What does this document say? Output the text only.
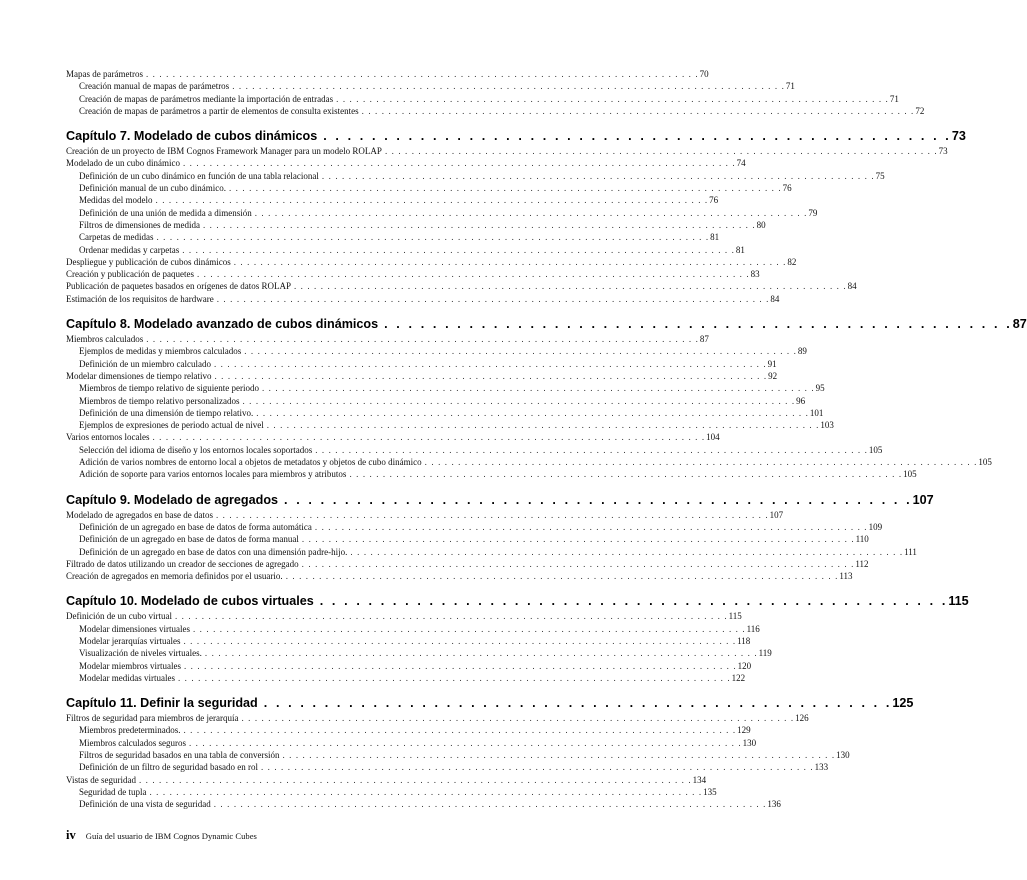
Mapas de parámetros . . .	70
Creación manual de mapas de parámetros . . .	71
Creación de mapas de parámetros mediante la importación de entradas . . .	71
Creación de mapas de parámetros a partir de elementos de consulta existentes . . .	72
Capítulo 7. Modelado de cubos dinámicos . . .	73
Creación de un proyecto de IBM Cognos Framework Manager para un modelo ROLAP . . .	73
Modelado de un cubo dinámico . . .	74
Definición de un cubo dinámico en función de una tabla relacional . . .	75
Definición manual de un cubo dinámico. . . .	76
Medidas del modelo . . .	76
Definición de una unión de medida a dimensión . . .	79
Filtros de dimensiones de medida . . .	80
Carpetas de medidas . . .	81
Ordenar medidas y carpetas . . .	81
Despliegue y publicación de cubos dinámicos . . .	82
Creación y publicación de paquetes . . .	83
Publicación de paquetes basados en orígenes de datos ROLAP . . .	84
Estimación de los requisitos de hardware . . .	84
Capítulo 8. Modelado avanzado de cubos dinámicos . . .	87
Miembros calculados . . .	87
Ejemplos de medidas y miembros calculados . . .	89
Definición de un miembro calculado . . .	91
Modelar dimensiones de tiempo relativo . . .	92
Miembros de tiempo relativo de siguiente periodo . . .	95
Miembros de tiempo relativo personalizados . . .	96
Definición de una dimensión de tiempo relativo. . . .	101
Ejemplos de expresiones de periodo actual de nivel . . .	103
Varios entornos locales . . .	104
Selección del idioma de diseño y los entornos locales soportados . . .	105
Adición de varios nombres de entorno local a objetos de metadatos y objetos de cubo dinámico . . .	105
Adición de soporte para varios entornos locales para miembros y atributos . . .	105
Capítulo 9. Modelado de agregados . . .	107
Modelado de agregados en base de datos . . .	107
Definición de un agregado en base de datos de forma automática . . .	109
Definición de un agregado en base de datos de forma manual . . .	110
Definición de un agregado en base de datos con una dimensión padre-hijo. . . .	111
Filtrado de datos utilizando un creador de secciones de agregado . . .	112
Creación de agregados en memoria definidos por el usuario. . . .	113
Capítulo 10. Modelado de cubos virtuales . . .	115
Definición de un cubo virtual . . .	115
Modelar dimensiones virtuales . . .	116
Modelar jerarquías virtuales . . .	118
Visualización de niveles virtuales. . . .	119
Modelar miembros virtuales . . .	120
Modelar medidas virtuales . . .	122
Capítulo 11. Definir la seguridad . . .	125
Filtros de seguridad para miembros de jerarquía . . .	126
Miembros predeterminados. . . .	129
Miembros calculados seguros . . .	130
Filtros de seguridad basados en una tabla de conversión . . .	130
Definición de un filtro de seguridad basado en rol . . .	133
Vistas de seguridad . . .	134
Seguridad de tupla . . .	135
Definición de una vista de seguridad . . .	136
iv Guía del usuario de IBM Cognos Dynamic Cubes
